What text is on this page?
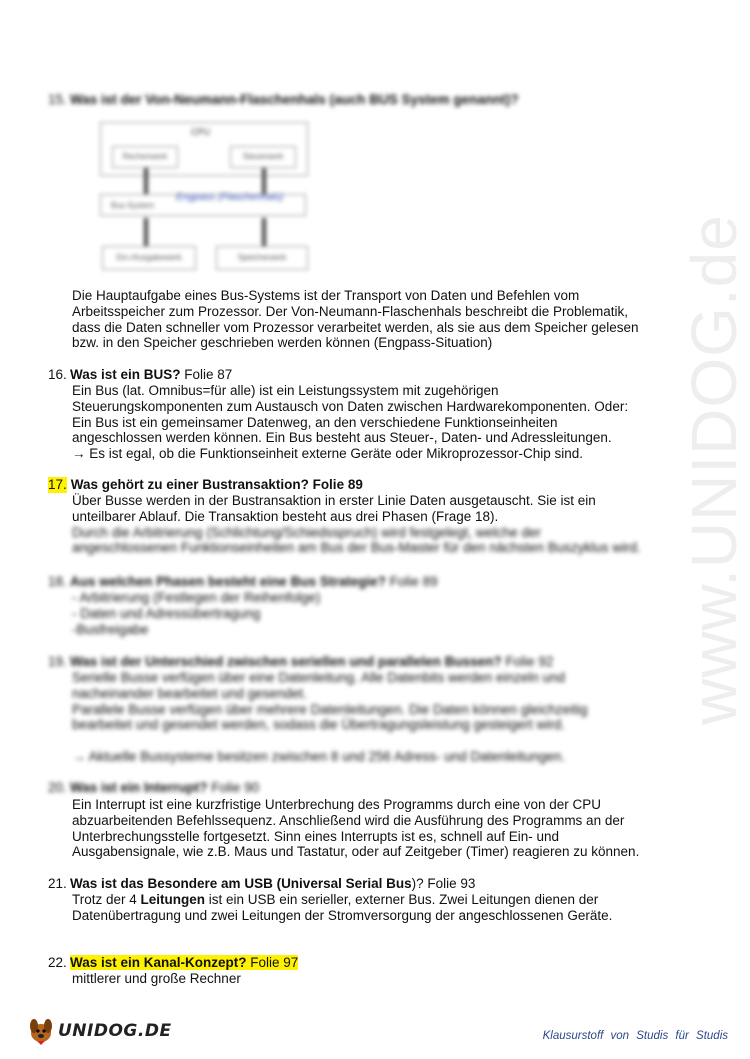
www.UNIDOG.de
15. Was ist der Von-Neumann-Flaschenhals (auch BUS System genannt)?
CPU
Rechenwerk	Steuerwerk
Bus-System
Engpass (Flaschenhals)
Ein-/Ausgabewerk	Speicherwerk
Die Hauptaufgabe eines Bus-Systems ist der Transport von Daten und Befehlen vom
Arbeitsspeicher zum Prozessor. Der Von-Neumann-Flaschenhals beschreibt die Problematik,
dass die Daten schneller vom Prozessor verarbeitet werden, als sie aus dem Speicher gelesen
bzw. in den Speicher geschrieben werden können (Engpass-Situation)
16. Was ist ein BUS? Folie 87
Ein Bus (lat. Omnibus=für alle) ist ein Leistungssystem mit zugehörigen
Steuerungskomponenten zum Austausch von Daten zwischen Hardwarekomponenten. Oder:
Ein Bus ist ein gemeinsamer Datenweg, an den verschiedene Funktionseinheiten
angeschlossen werden können. Ein Bus besteht aus Steuer-, Daten- und Adressleitungen.
→ Es ist egal, ob die Funktionseinheit externe Geräte oder Mikroprozessor-Chip sind.
17. Was gehört zu einer Bustransaktion? Folie 89
Über Busse werden in der Bustransaktion in erster Linie Daten ausgetauscht. Sie ist ein
unteilbarer Ablauf. Die Transaktion besteht aus drei Phasen (Frage 18).
Durch die Arbitrierung (Schlichtung/Schiedsspruch) wird festgelegt, welche der
angeschlossenen Funktionseinheiten am Bus der Bus-Master für den nächsten Buszyklus wird.
18. Aus welchen Phasen besteht eine Bus Strategie? Folie 89
- Arbitrierung (Festlegen der Reihenfolge)
- Daten und Adressübertragung
-Busfreigabe
19. Was ist der Unterschied zwischen seriellen und parallelen Bussen? Folie 92
Serielle Busse verfügen über eine Datenleitung. Alle Datenbits werden einzeln und
nacheinander bearbeitet und gesendet.
Parallele Busse verfügen über mehrere Datenleitungen. Die Daten können gleichzeitig
bearbeitet und gesendet werden, sodass die Übertragungsleistung gesteigert wird.
→ Aktuelle Bussysteme besitzen zwischen 8 und 256 Adress- und Datenleitungen.
20. Was ist ein Interrupt? Folie 90
Ein Interrupt ist eine kurzfristige Unterbrechung des Programms durch eine von der CPU
abzuarbeitenden Befehlssequenz. Anschließend wird die Ausführung des Programms an der
Unterbrechungsstelle fortgesetzt. Sinn eines Interrupts ist es, schnell auf Ein- und
Ausgabensignale, wie z.B. Maus und Tastatur, oder auf Zeitgeber (Timer) reagieren zu können.
21. Was ist das Besondere am USB (Universal Serial Bus)? Folie 93
Trotz der 4 Leitungen ist ein USB ein serieller, externer Bus. Zwei Leitungen dienen der
Datenübertragung und zwei Leitungen der Stromversorgung der angeschlossenen Geräte.
22. Was ist ein Kanal-Konzept? Folie 97
mittlerer und große Rechner
UNIDOG.DE	Klausurstoff von Studis für Studis
